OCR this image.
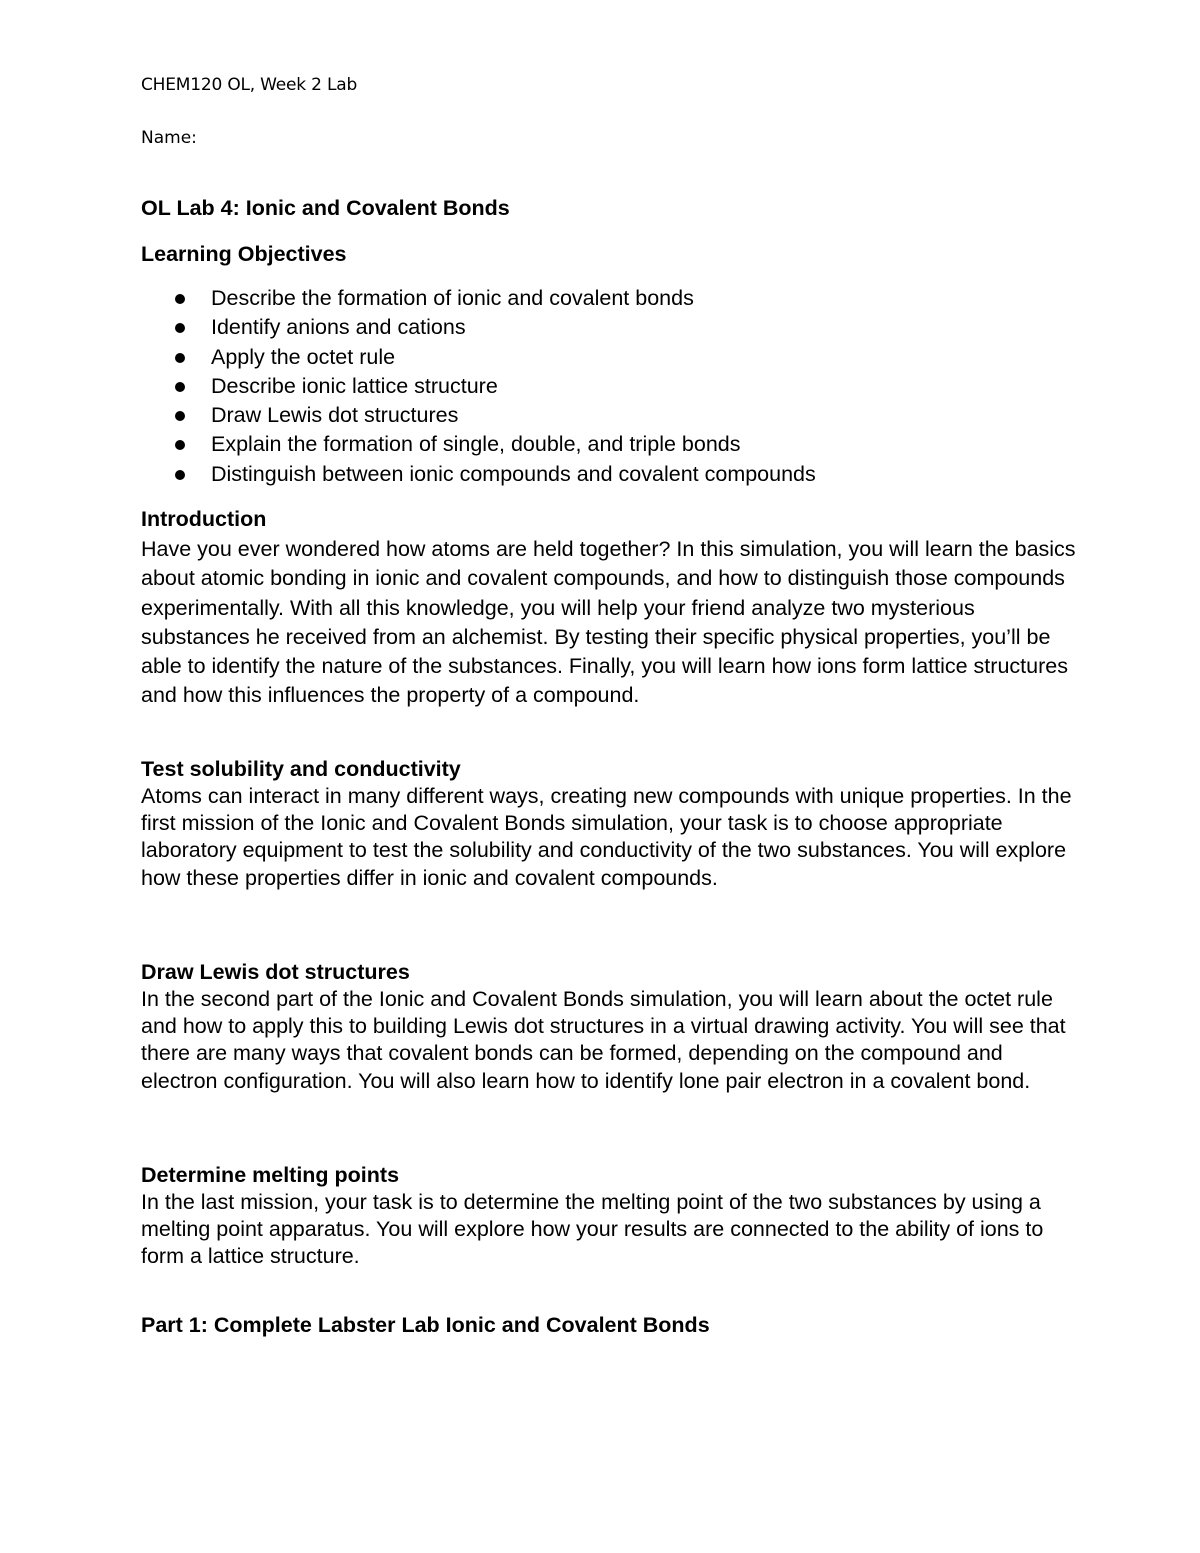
CHEM120 OL, Week 2 Lab
Name:
OL Lab 4: Ionic and Covalent Bonds
Learning Objectives
Describe the formation of ionic and covalent bonds
Identify anions and cations
Apply the octet rule
Describe ionic lattice structure
Draw Lewis dot structures
Explain the formation of single, double, and triple bonds
Distinguish between ionic compounds and covalent compounds
Introduction

Have you ever wondered how atoms are held together? In this simulation, you will learn the basics about atomic bonding in ionic and covalent compounds, and how to distinguish those compounds experimentally. With all this knowledge, you will help your friend analyze two mysterious substances he received from an alchemist. By testing their specific physical properties, you’ll be able to identify the nature of the substances. Finally, you will learn how ions form lattice structures and how this influences the property of a compound.

Test solubility and conductivity

Atoms can interact in many different ways, creating new compounds with unique properties. In the first mission of the Ionic and Covalent Bonds simulation, your task is to choose appropriate laboratory equipment to test the solubility and conductivity of the two substances. You will explore how these properties differ in ionic and covalent compounds.

Draw Lewis dot structures

In the second part of the Ionic and Covalent Bonds simulation, you will learn about the octet rule and how to apply this to building Lewis dot structures in a virtual drawing activity. You will see that there are many ways that covalent bonds can be formed, depending on the compound and electron configuration. You will also learn how to identify lone pair electron in a covalent bond.

Determine melting points

In the last mission, your task is to determine the melting point of the two substances by using a melting point apparatus. You will explore how your results are connected to the ability of ions to form a lattice structure.

Part 1: Complete Labster Lab Ionic and Covalent Bonds
